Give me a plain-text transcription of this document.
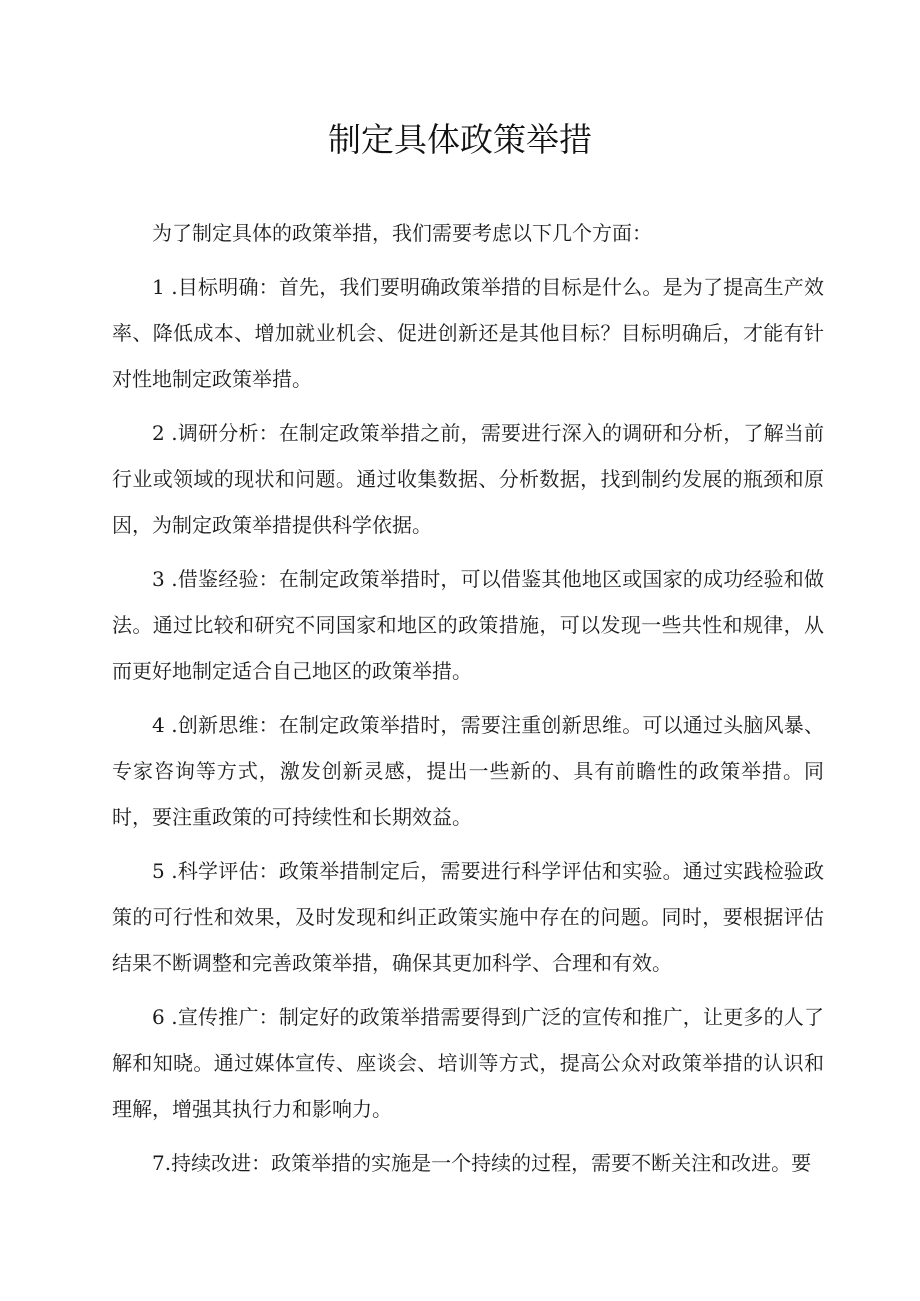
制定具体政策举措

为了制定具体的政策举措，我们需要考虑以下几个方面：

1 .目标明确：首先，我们要明确政策举措的目标是什么。是为了提高生产效率、降低成本、增加就业机会、促进创新还是其他目标？目标明确后，才能有针对性地制定政策举措。

2 .调研分析：在制定政策举措之前，需要进行深入的调研和分析，了解当前行业或领域的现状和问题。通过收集数据、分析数据，找到制约发展的瓶颈和原因，为制定政策举措提供科学依据。

3 .借鉴经验：在制定政策举措时，可以借鉴其他地区或国家的成功经验和做法。通过比较和研究不同国家和地区的政策措施，可以发现一些共性和规律，从而更好地制定适合自己地区的政策举措。

4 .创新思维：在制定政策举措时，需要注重创新思维。可以通过头脑风暴、专家咨询等方式，激发创新灵感，提出一些新的、具有前瞻性的政策举措。同时，要注重政策的可持续性和长期效益。

5 .科学评估：政策举措制定后，需要进行科学评估和实验。通过实践检验政策的可行性和效果，及时发现和纠正政策实施中存在的问题。同时，要根据评估结果不断调整和完善政策举措，确保其更加科学、合理和有效。

6 .宣传推广：制定好的政策举措需要得到广泛的宣传和推广，让更多的人了解和知晓。通过媒体宣传、座谈会、培训等方式，提高公众对政策举措的认识和理解，增强其执行力和影响力。

7.持续改进：政策举措的实施是一个持续的过程，需要不断关注和改进。要
